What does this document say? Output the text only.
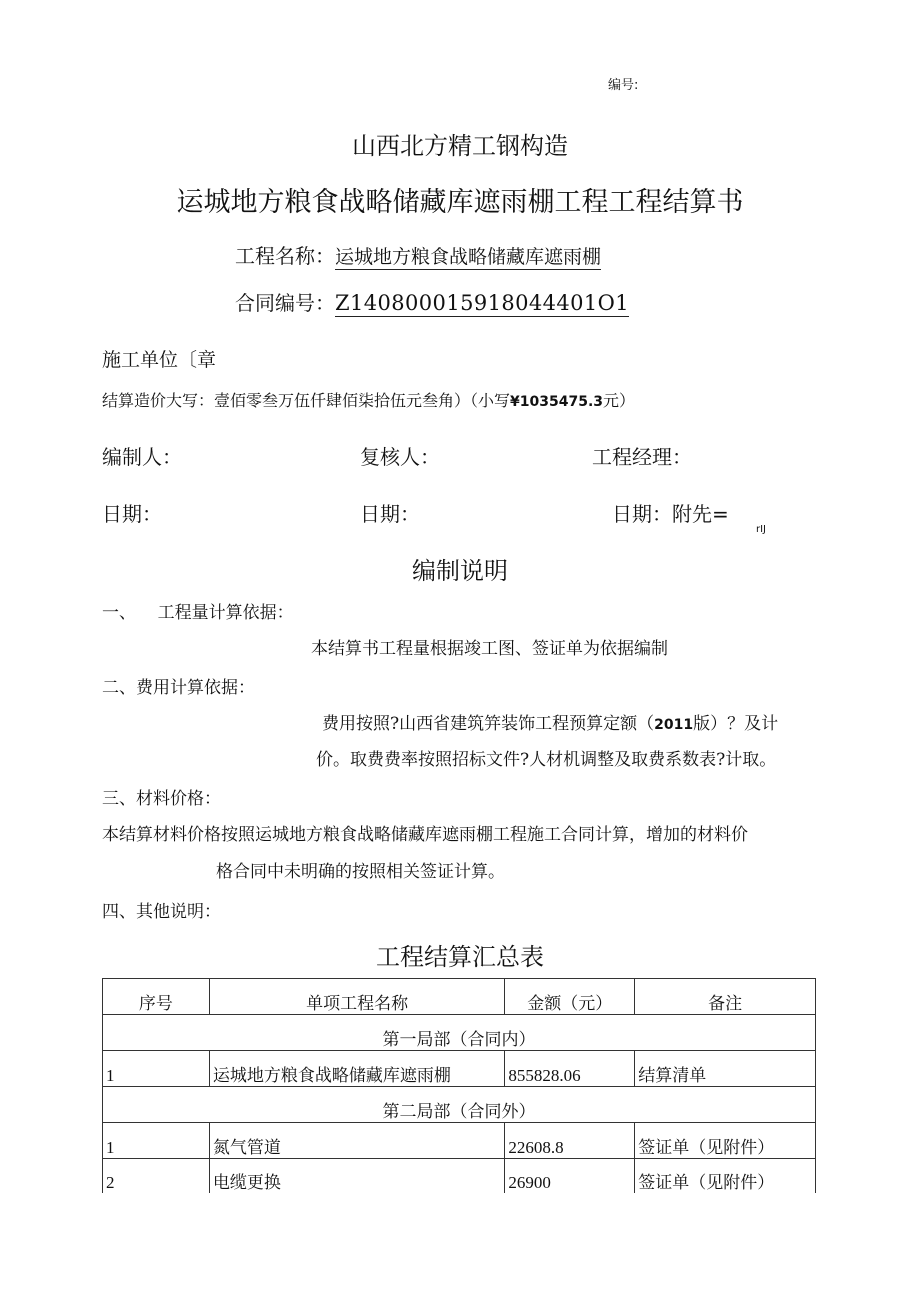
编号:
山西北方精工钢构造
运城地方粮食战略储藏库遮雨棚工程工程结算书
工程名称：运城地方粮食战略储藏库遮雨棚
合同编号：Z140800015918044401O1
施工单位〔章
结算造价大写：壹佰零叁万伍仟肆佰柒拾伍元叁角）（小写¥1035475.3元）
编制人：	复核人：	工程经理：
日期：	日期：	日期：附先=
rIJ
编制说明
一、    工程量计算依据：
本结算书工程量根据竣工图、签证单为依据编制
二、费用计算依据：
费用按照?山西省建筑笄装饰工程预算定额（2011版）？及计
价。取费费率按照招标文件?人材机调整及取费系数表?计取。
三、材料价格：
本结算材料价格按照运城地方粮食战略储藏库遮雨棚工程施工合同计算，增加的材料价
格合同中未明确的按照相关签证计算。
四、其他说明：
工程结算汇总表
序号	单项工程名称	金额（元）	备注
第一局部（合同内）			
1	运城地方粮食战略储藏库遮雨棚	855828.06	结算清单
第二局部（合同外）			
1	氮气管道	22608.8	签证单（见附件）
2	电缆更换	26900	签证单（见附件）
